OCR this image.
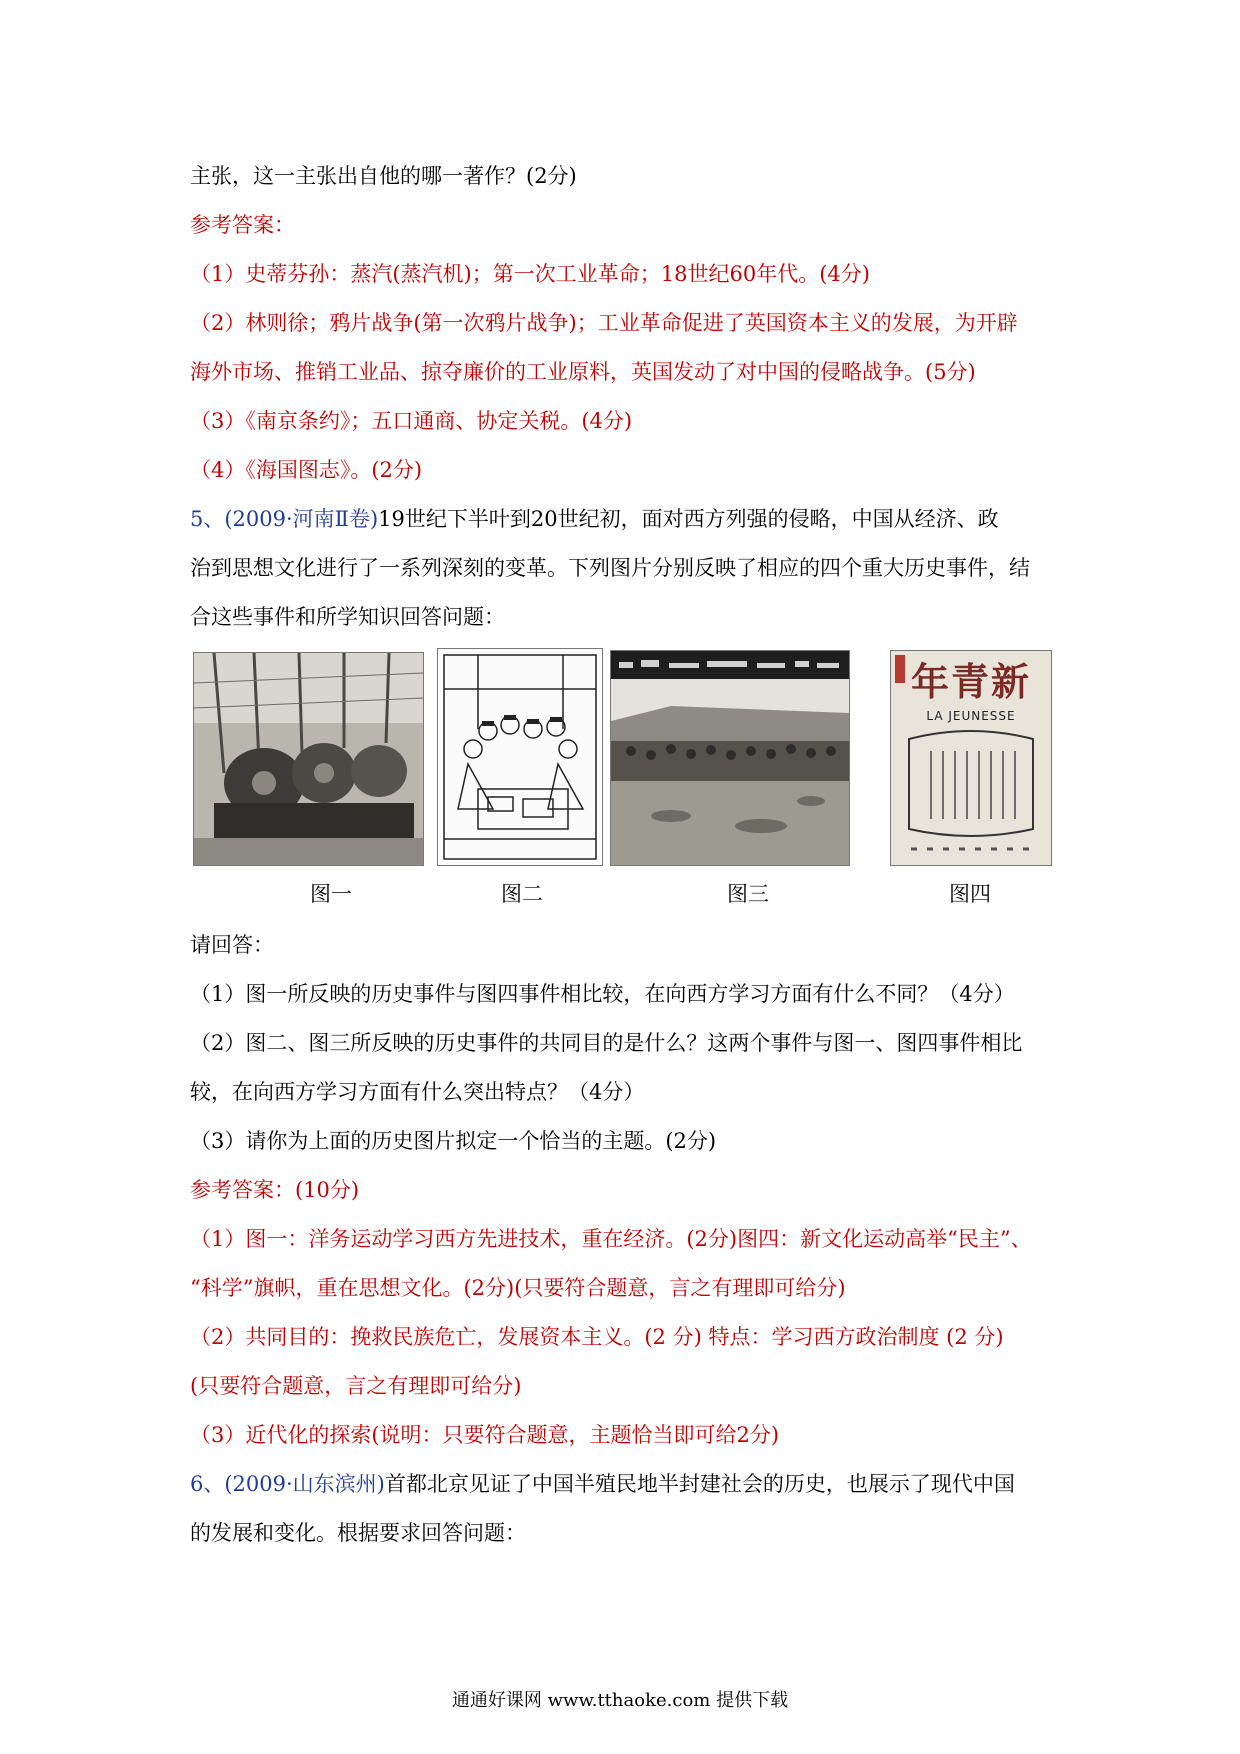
主张，这一主张出自他的哪一著作？(2分)
参考答案：
（1）史蒂芬孙：蒸汽(蒸汽机)；第一次工业革命；18世纪60年代。(4分)
（2）林则徐；鸦片战争(第一次鸦片战争)；工业革命促进了英国资本主义的发展，为开辟
海外市场、推销工业品、掠夺廉价的工业原料，英国发动了对中国的侵略战争。(5分)
（3）《南京条约》；五口通商、协定关税。(4分)
（4）《海国图志》。(2分)
5、(2009·河南Ⅱ卷)19世纪下半叶到20世纪初，面对西方列强的侵略，中国从经济、政
治到思想文化进行了一系列深刻的变革。下列图片分别反映了相应的四个重大历史事件，结
合这些事件和所学知识回答问题：
年青新
LA JEUNESSE
图一	图二	图三	图四
请回答：
（1）图一所反映的历史事件与图四事件相比较，在向西方学习方面有什么不同？（4分）
（2）图二、图三所反映的历史事件的共同目的是什么？这两个事件与图一、图四事件相比
较，在向西方学习方面有什么突出特点？（4分）
（3）请你为上面的历史图片拟定一个恰当的主题。(2分)
参考答案：(10分)
（1）图一：洋务运动学习西方先进技术，重在经济。(2分)图四：新文化运动高举“民主”、
“科学”旗帜，重在思想文化。(2分)(只要符合题意，言之有理即可给分)
（2）共同目的：挽救民族危亡，发展资本主义。(2 分) 特点：学习西方政治制度 (2 分)
(只要符合题意，言之有理即可给分)
（3）近代化的探索(说明：只要符合题意，主题恰当即可给2分)
6、(2009·山东滨州)首都北京见证了中国半殖民地半封建社会的历史，也展示了现代中国
的发展和变化。根据要求回答问题：
通通好课网 www.tthaoke.com 提供下载
